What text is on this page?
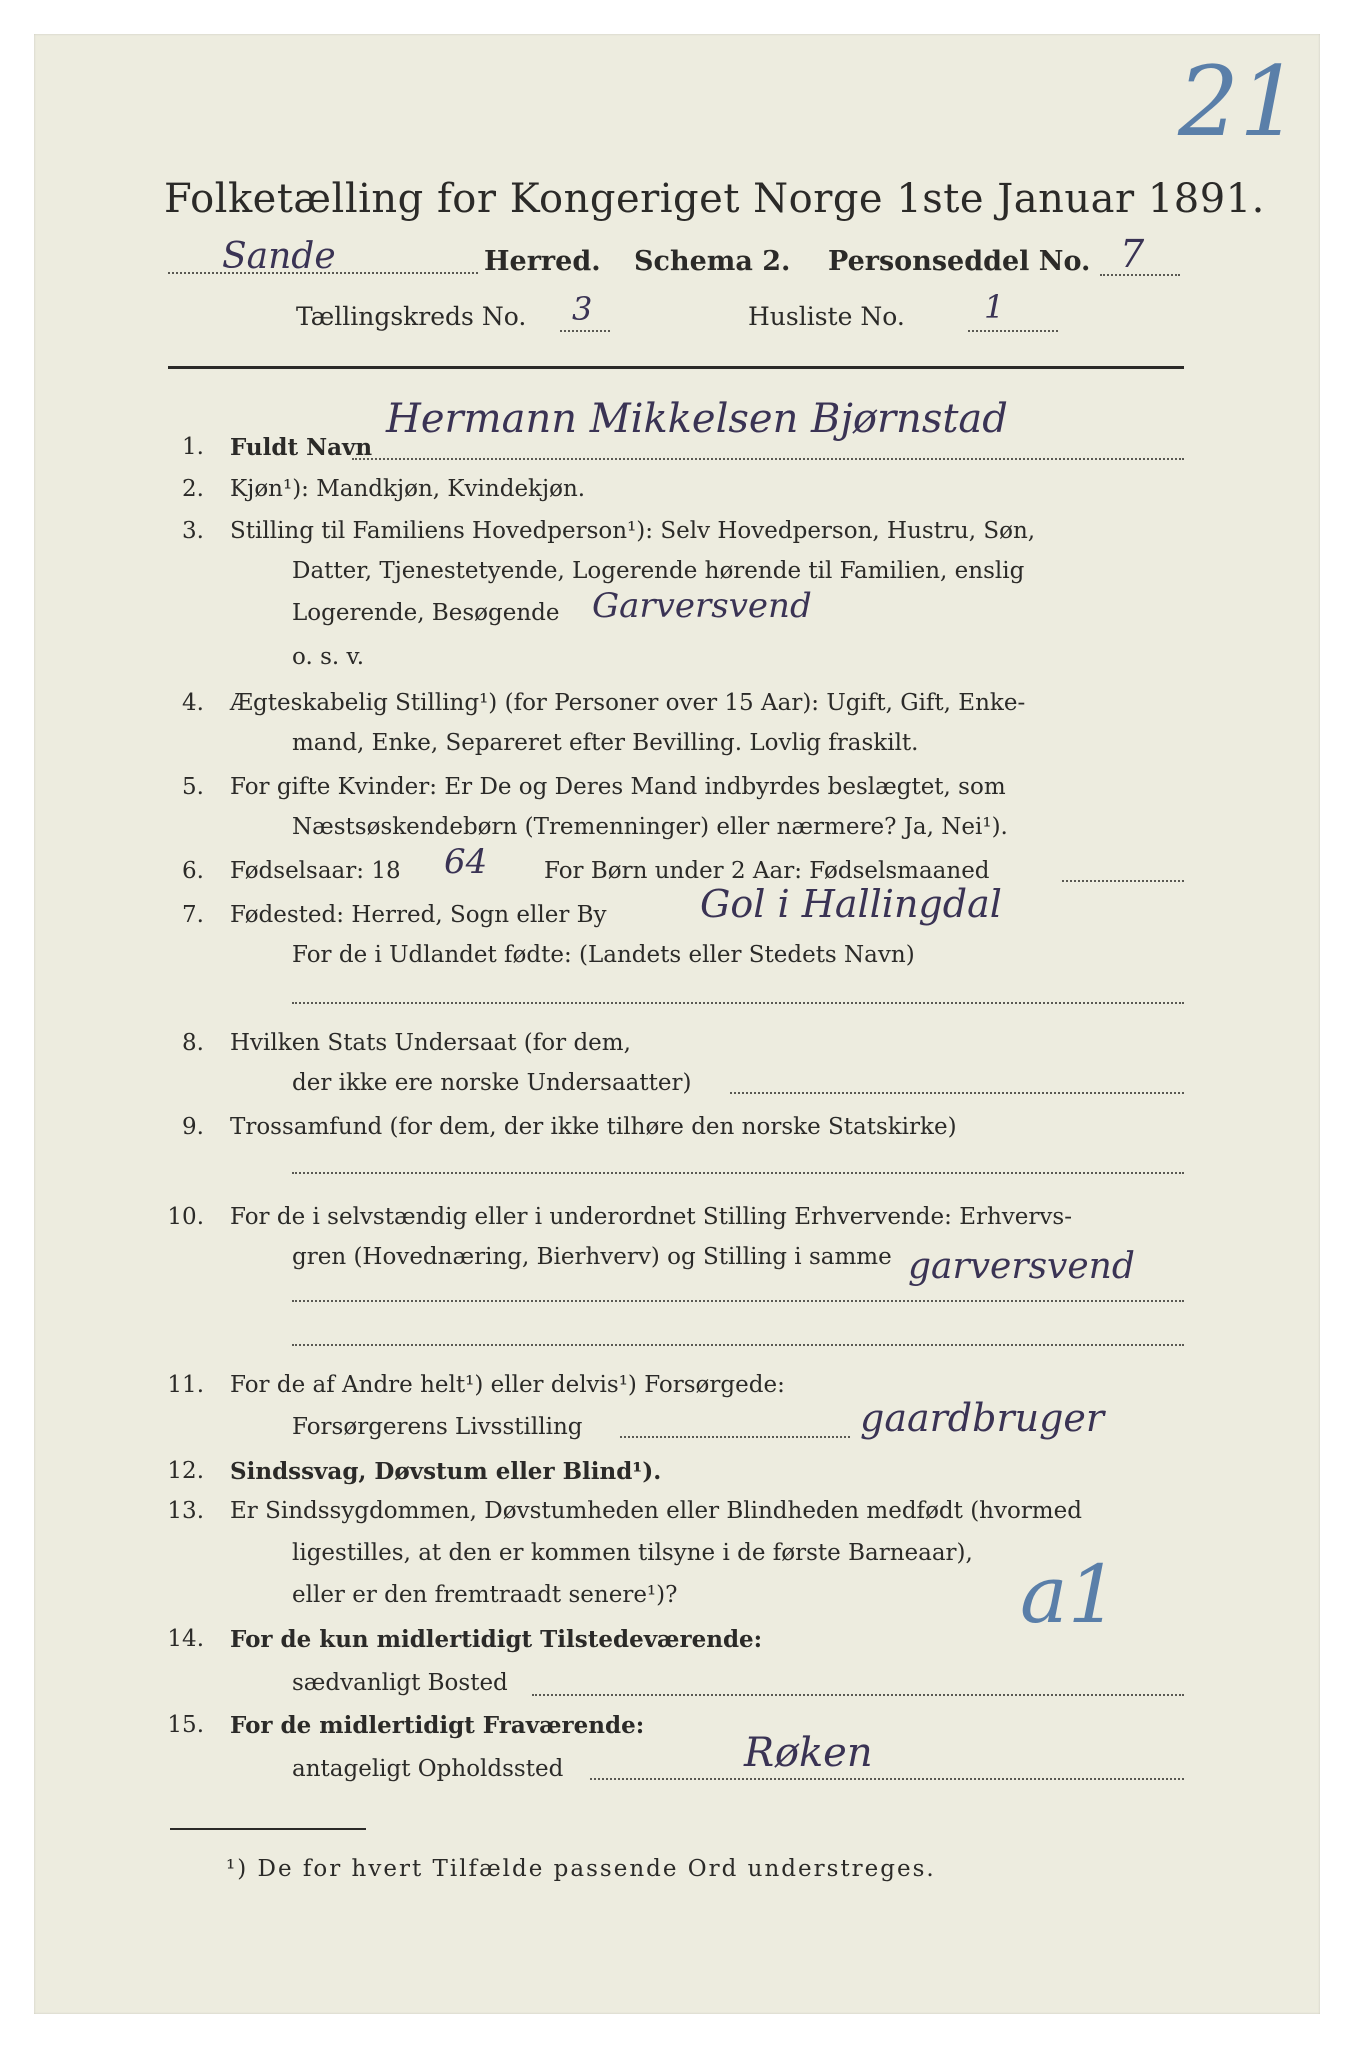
21
Folketælling for Kongeriget Norge 1ste Januar 1891.
Sande	Herred. Schema 2. Personseddel No. 7
Tællingskreds No. 3	Husliste No. 1
1. Fuldt Navn
Hermann Mikkelsen Bjørnstad
2. Kjøn¹): Mandkjøn, Kvindekjøn.
3. Stilling til Familiens Hovedperson¹): Selv Hovedperson, Hustru, Søn,
Datter, Tjenestetyende, Logerende hørende til Familien, enslig
Logerende, Besøgende Garversvend
o. s. v.
4. Ægteskabelig Stilling¹) (for Personer over 15 Aar): Ugift, Gift, Enke-
mand, Enke, Separeret efter Bevilling. Lovlig fraskilt.
5. For gifte Kvinder: Er De og Deres Mand indbyrdes beslægtet, som
Næstsøskendebørn (Tremenninger) eller nærmere? Ja, Nei¹).
6. Fødselsaar: 18 64 For Børn under 2 Aar: Fødselsmaaned
7. Fødested: Herred, Sogn eller By Gol i Hallingdal
For de i Udlandet fødte: (Landets eller Stedets Navn)
8. Hvilken Stats Undersaat (for dem,
der ikke ere norske Undersaatter)
9. Trossamfund (for dem, der ikke tilhøre den norske Statskirke)
10. For de i selvstændig eller i underordnet Stilling Erhvervende: Erhvervs-
gren (Hovednæring, Bierhverv) og Stilling i samme garversvend
11. For de af Andre helt¹) eller delvis¹) Forsørgede:
Forsørgerens Livsstilling	gaardbruger
12. Sindssvag, Døvstum eller Blind¹).
13. Er Sindssygdommen, Døvstumheden eller Blindheden medfødt (hvormed
ligestilles, at den er kommen tilsyne i de første Barneaar),
eller er den fremtraadt senere¹)?	a1
14. For de kun midlertidigt Tilstedeværende:
sædvanligt Bosted
15. For de midlertidigt Fraværende:
antageligt Opholdssted	Røken
¹) De for hvert Tilfælde passende Ord understreges.
